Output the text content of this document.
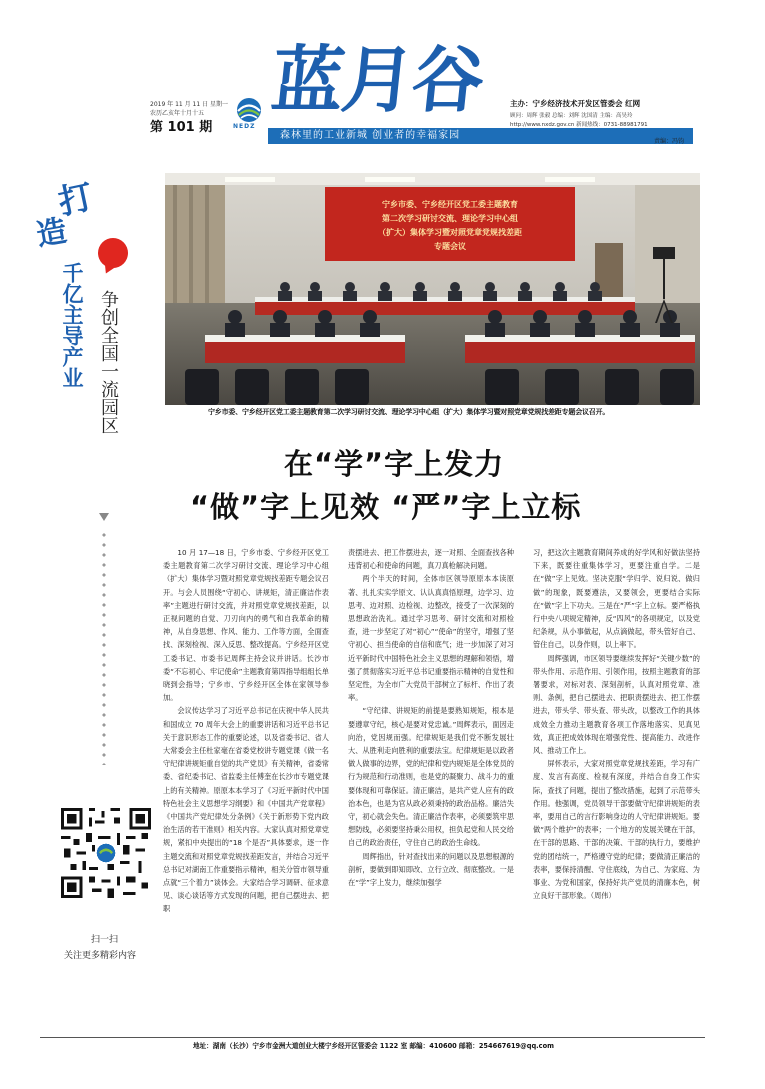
2019 年 11 月 11 日 星期一
农历乙亥年十月十五
第 101 期	NEDZ
蓝月谷	主办：宁乡经济技术开发区管委会 红网
顾问：周辉 张毅 总编：刘辉 沈国清 主编：高昊玲
http://www.nxdz.gov.cn 新闻热线：0731-88981791
森林里的工业新城 创业者的幸福家园
责编：冯钧
打
造
千亿主导产业 争创全国一流园区
扫一扫
关注更多精彩内容
宁乡市委、宁乡经开区党工委主题教育
第二次学习研讨交流、理论学习中心组
（扩大）集体学习暨对照党章党规找差距
专题会议
宁乡市委、宁乡经开区党工委主题教育第二次学习研讨交流、理论学习中心组（扩大）集体学习暨对照党章党规找差距专题会议召开。
在“学”字上发力
“做”字上见效 “严”字上立标

10 月 17—18 日，宁乡市委、宁乡经开区党工委主题教育第二次学习研讨交流、理论学习中心组（扩大）集体学习暨对照党章党规找差距专题会议召开。与会人员围绕“守初心、讲规矩，清正廉洁作表率”主题进行研讨交流，并对照党章党规找差距，以正视问题的自觉、刀刃向内的勇气和自我革命的精神，从自身思想、作风、能力、工作等方面，全面查找、深刻检视、深入反思、整改提高。宁乡经开区党工委书记、市委书记周辉主持会议并讲话。长沙市委“不忘初心、牢记使命”主题教育第四指导组组长单晓到会指导；宁乡市、宁乡经开区全体在家领导参加。

会议传达学习了习近平总书记在庆祝中华人民共和国成立 70 周年大会上的重要讲话和习近平总书记关于意识形态工作的重要论述，以及省委书记、省人大常委会主任杜家毫在省委党校讲专题党课《做一名守纪律讲规矩重自觉的共产党员》有关精神，省委常委、省纪委书记、省监委主任傅奎在长沙市专题党课上的有关精神。原原本本学习了《习近平新时代中国特色社会主义思想学习纲要》和《中国共产党章程》《中国共产党纪律处分条例》《关于新形势下党内政治生活的若干准则》相关内容。大家认真对照党章党规，紧扣中央提出的“18 个是否”具体要求，逐一作主题交流和对照党章党规找差距发言，并结合习近平总书记对湖南工作重要指示精神，相关分管市领导重点就“三个着力”谈体会。大家结合学习调研、征求意见、谈心谈话等方式发现的问题，把自己摆进去、把职

责摆进去、把工作摆进去，逐一对照、全面查找各种违背初心和使命的问题，真刀真枪解决问题。

两个半天的时间，全体市区领导原原本本读原著、扎扎实实学原文、认认真真悟原理，边学习、边思考、边对照、边检视、边整改，接受了一次深刻的思想政治洗礼。通过学习思考、研讨交流和对照检查，进一步坚定了对“初心”“使命”的坚守，增强了坚守初心、担当使命的自信和底气；进一步加深了对习近平新时代中国特色社会主义思想的理解和领悟，增强了贯彻落实习近平总书记重要指示精神的自觉性和坚定性，为全市广大党员干部树立了标杆、作出了表率。

“守纪律、讲规矩的前提是要熟知规矩，根本是要遵章守纪，核心是要对党忠诚。”周辉表示，面因走向治，党因规而强。纪律规矩是我们党不断发展壮大、从胜利走向胜利的重要法宝。纪律规矩是以政者做人做事的边界，党的纪律和党内规矩是全体党员的行为规范和行动准则，也是党的凝聚力、战斗力的重要体现和可靠保证。清正廉洁，是共产党人应有的政治本色，也是为官从政必须秉持的政治品格。廉洁失守，初心就会失色。清正廉洁作表率，必须要筑牢思想防线，必须要坚持秉公用权，担负起党和人民交给自己的政治责任，守住自己的政治生命线。

周辉指出，针对查找出来的问题以及思想根源的剖析，要做到即知即改、立行立改、彻底整改。一是在“学”字上发力，继续加强学

习，把这次主题教育期间养成的好学风和好做法坚持下来，既要往重集体学习，更要注重自学。二是在“做”字上见效。坚决克服“学归学、说归说、做归做”的现象，既要遵法，又要领会，更要结合实际在“做”字上下功夫。三是在“严”字上立标。要严格执行中央八项规定精神，反“四风”的各项规定，以及党纪条规，从小事做起，从点滴做起，带头管好自己、管住自己，以身作则，以上率下。

周辉强调，市区领导要继续发挥好“关键少数”的带头作用、示范作用、引领作用，按照主题教育的部署要求，对标对表、深刻剖析，认真对照党章、准则、条例，把自己摆进去、把职责摆进去、把工作摆进去，带头学、带头查、带头改，以整改工作的具体成效全力推动主题教育各项工作落地落实、见真见效，真正把成效体现在增强党性、提高能力、改进作风、推动工作上。

屏怀表示，大家对照党章党规找差距，学习有广度、发言有高度、检视有深度，并结合自身工作实际，查找了问题，提出了整改措施，起到了示范带头作用。他强调，党员领导干部要做守纪律讲规矩的表率，要用自己的言行影响身边的人守纪律讲规矩。要做“两个维护”的表率；一个地方的发展关键在干部，在干部的思路、干部的决策、干部的执行力，要维护党的团结统一，严格遵守党的纪律；要做清正廉洁的表率，要保持清醒、守住底线，为自己、为家庭、为事业、为党和国家，保持好共产党员的清廉本色，树立良好干部形象。（周伟）

地址：湖南（长沙）宁乡市金洲大道创业大楼宁乡经开区管委会 1122 室 邮编：410600 邮箱：254667619@qq.com
